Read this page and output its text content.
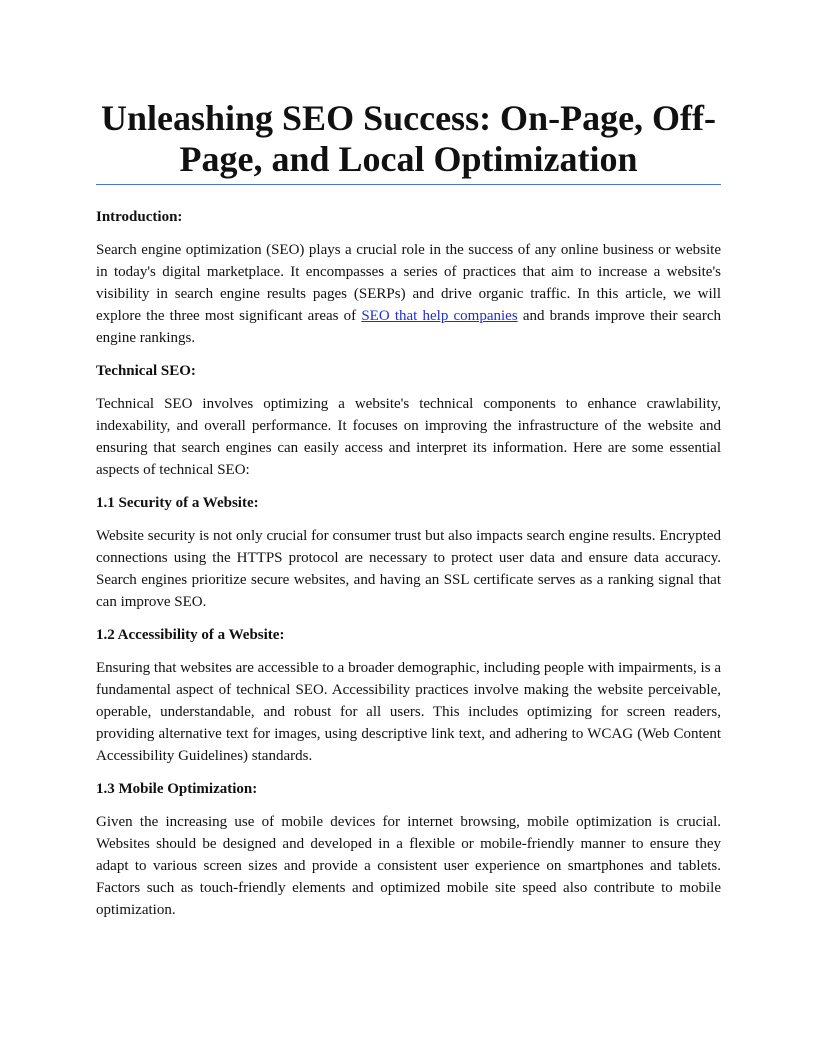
Unleashing SEO Success: On-Page, Off-Page, and Local Optimization
Introduction:

Search engine optimization (SEO) plays a crucial role in the success of any online business or website in today's digital marketplace. It encompasses a series of practices that aim to increase a website's visibility in search engine results pages (SERPs) and drive organic traffic. In this article, we will explore the three most significant areas of SEO that help companies and brands improve their search engine rankings.

Technical SEO:

Technical SEO involves optimizing a website's technical components to enhance crawlability, indexability, and overall performance. It focuses on improving the infrastructure of the website and ensuring that search engines can easily access and interpret its information. Here are some essential aspects of technical SEO:

1.1 Security of a Website:

Website security is not only crucial for consumer trust but also impacts search engine results. Encrypted connections using the HTTPS protocol are necessary to protect user data and ensure data accuracy. Search engines prioritize secure websites, and having an SSL certificate serves as a ranking signal that can improve SEO.

1.2 Accessibility of a Website:

Ensuring that websites are accessible to a broader demographic, including people with impairments, is a fundamental aspect of technical SEO. Accessibility practices involve making the website perceivable, operable, understandable, and robust for all users. This includes optimizing for screen readers, providing alternative text for images, using descriptive link text, and adhering to WCAG (Web Content Accessibility Guidelines) standards.

1.3 Mobile Optimization:

Given the increasing use of mobile devices for internet browsing, mobile optimization is crucial. Websites should be designed and developed in a flexible or mobile-friendly manner to ensure they adapt to various screen sizes and provide a consistent user experience on smartphones and tablets. Factors such as touch-friendly elements and optimized mobile site speed also contribute to mobile optimization.
